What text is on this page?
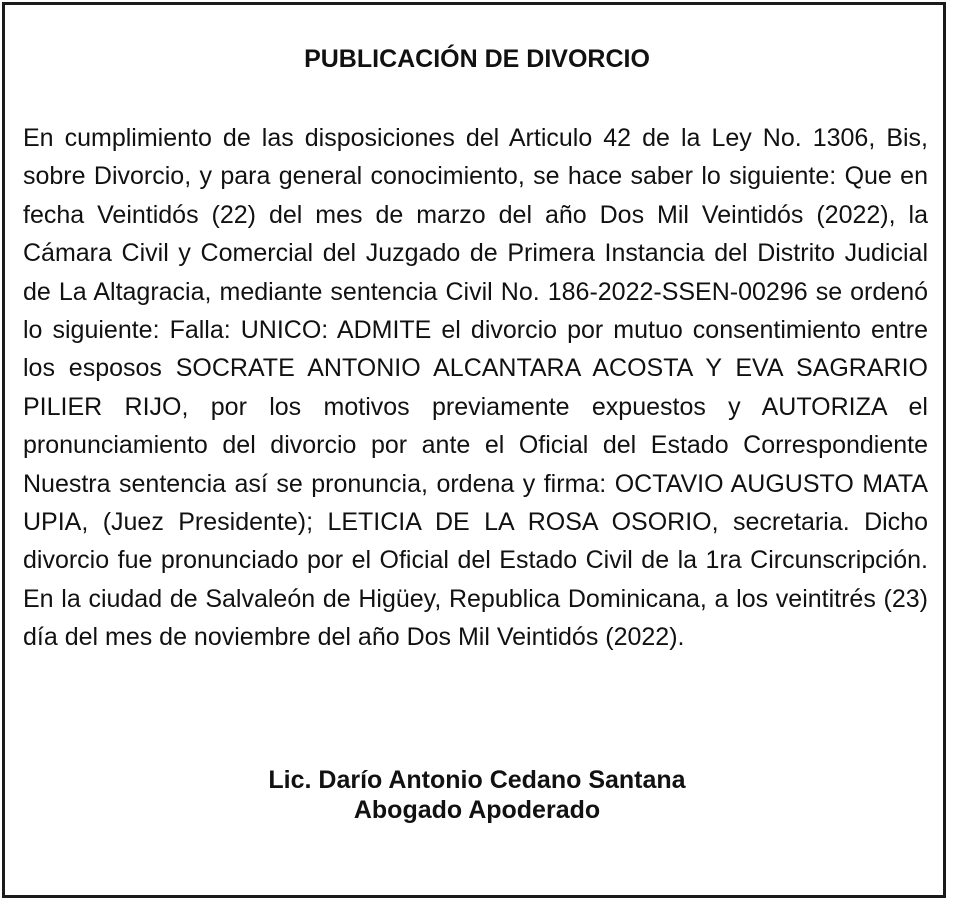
PUBLICACIÓN DE DIVORCIO
En cumplimiento de las disposiciones del Articulo 42 de la Ley No. 1306, Bis, sobre Divorcio, y para general conocimiento, se hace saber lo siguiente: Que en fecha Veintidós (22) del mes de marzo del año Dos Mil Veintidós (2022), la Cámara Civil y Comercial del Juzgado de Primera Instancia del Distrito Judicial de La Altagracia, mediante sentencia Civil No. 186-2022-SSEN-00296 se ordenó lo siguiente: Falla: UNICO: ADMITE el divorcio por mutuo consentimiento entre los esposos SOCRATE ANTONIO ALCANTARA ACOSTA Y EVA SAGRARIO PILIER RIJO, por los motivos previamente expuestos y AUTORIZA el pronunciamiento del divorcio por ante el Oficial del Estado Correspondiente Nuestra sentencia así se pronuncia, ordena y firma: OCTAVIO AUGUSTO MATA UPIA, (Juez Presidente); LETICIA DE LA ROSA OSORIO, secretaria. Dicho divorcio fue pronunciado por el Oficial del Estado Civil de la 1ra Circunscripción. En la ciudad de Salvaleón de Higüey, Republica Dominicana, a los veintitrés (23) día del mes de noviembre del año Dos Mil Veintidós (2022).
Lic. Darío Antonio Cedano Santana
Abogado Apoderado
